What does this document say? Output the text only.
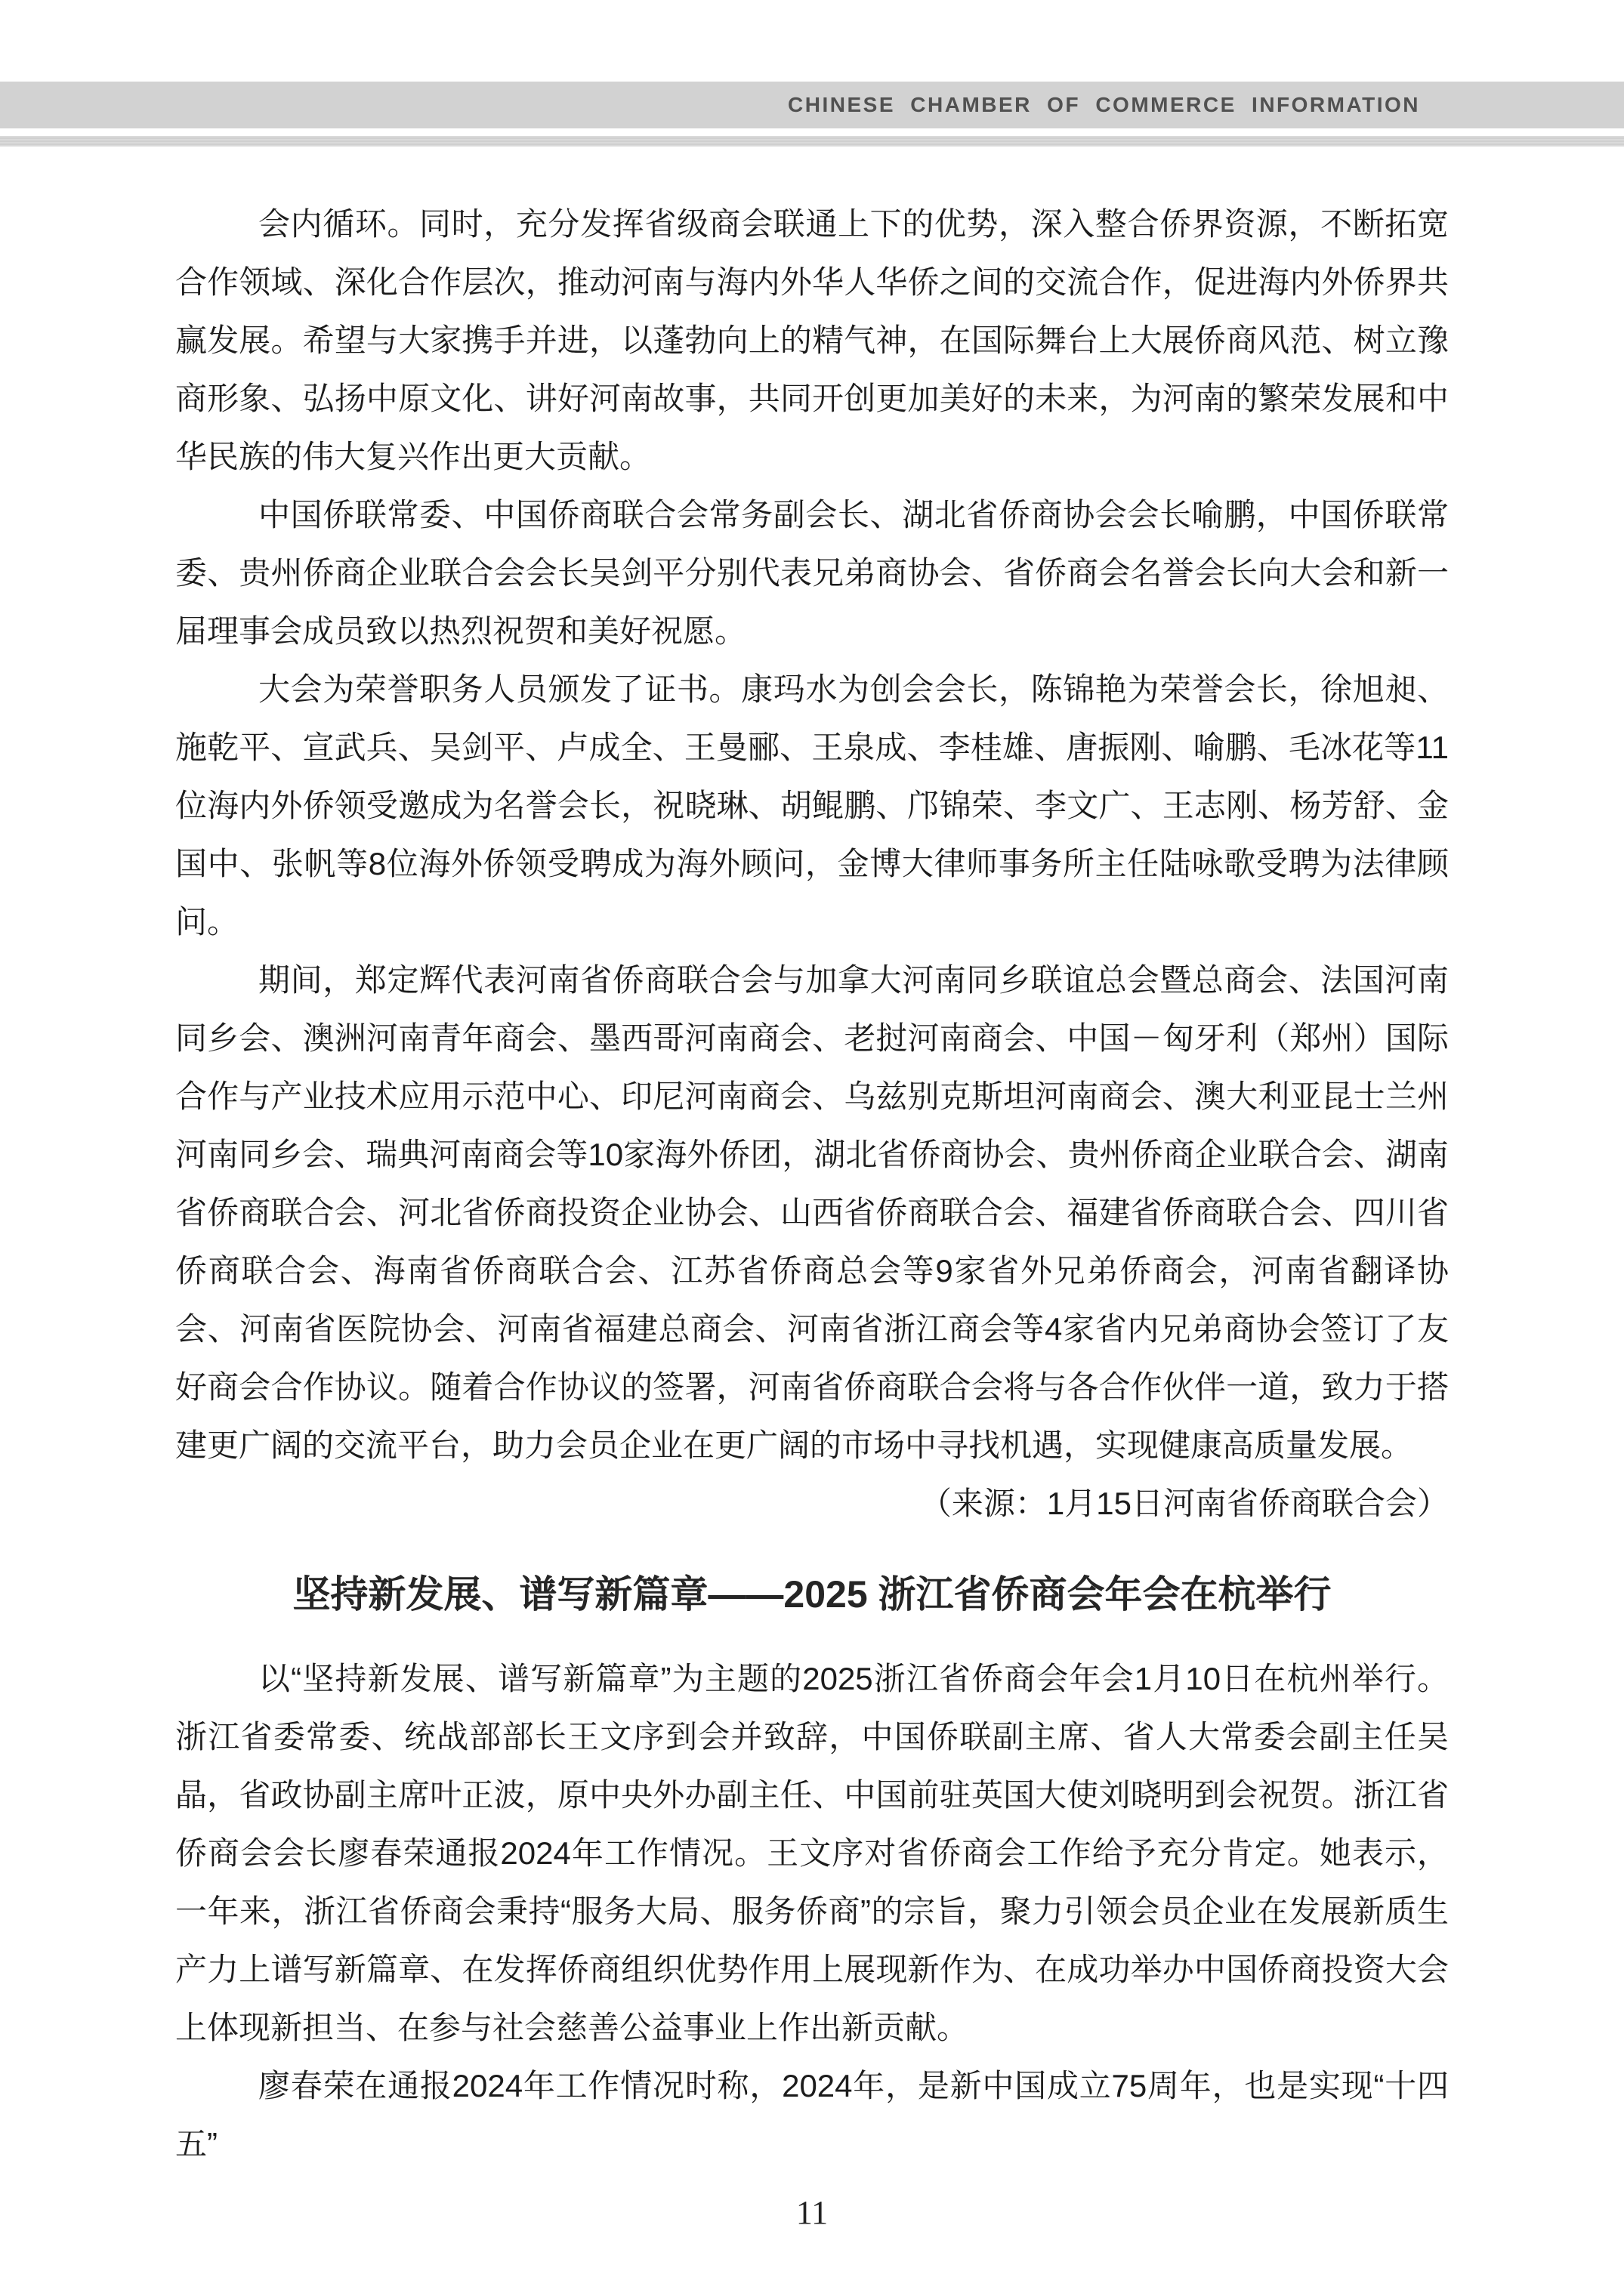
CHINESE CHAMBER OF COMMERCE INFORMATION

会内循环。同时，充分发挥省级商会联通上下的优势，深入整合侨界资源，不断拓宽合作领域、深化合作层次，推动河南与海内外华人华侨之间的交流合作，促进海内外侨界共赢发展。希望与大家携手并进，以蓬勃向上的精气神，在国际舞台上大展侨商风范、树立豫商形象、弘扬中原文化、讲好河南故事，共同开创更加美好的未来，为河南的繁荣发展和中华民族的伟大复兴作出更大贡献。

中国侨联常委、中国侨商联合会常务副会长、湖北省侨商协会会长喻鹏，中国侨联常委、贵州侨商企业联合会会长吴剑平分别代表兄弟商协会、省侨商会名誉会长向大会和新一届理事会成员致以热烈祝贺和美好祝愿。

大会为荣誉职务人员颁发了证书。康玛水为创会会长，陈锦艳为荣誉会长，徐旭昶、施乾平、宣武兵、吴剑平、卢成全、王曼郦、王泉成、李桂雄、唐振刚、喻鹏、毛冰花等11位海内外侨领受邀成为名誉会长，祝晓琳、胡鲲鹏、邝锦荣、李文广、王志刚、杨芳舒、金国中、张帆等8位海外侨领受聘成为海外顾问，金博大律师事务所主任陆咏歌受聘为法律顾问。

期间，郑定辉代表河南省侨商联合会与加拿大河南同乡联谊总会暨总商会、法国河南同乡会、澳洲河南青年商会、墨西哥河南商会、老挝河南商会、中国－匈牙利（郑州）国际合作与产业技术应用示范中心、印尼河南商会、乌兹别克斯坦河南商会、澳大利亚昆士兰州河南同乡会、瑞典河南商会等10家海外侨团，湖北省侨商协会、贵州侨商企业联合会、湖南省侨商联合会、河北省侨商投资企业协会、山西省侨商联合会、福建省侨商联合会、四川省侨商联合会、海南省侨商联合会、江苏省侨商总会等9家省外兄弟侨商会，河南省翻译协会、河南省医院协会、河南省福建总商会、河南省浙江商会等4家省内兄弟商协会签订了友好商会合作协议。随着合作协议的签署，河南省侨商联合会将与各合作伙伴一道，致力于搭建更广阔的交流平台，助力会员企业在更广阔的市场中寻找机遇，实现健康高质量发展。

（来源：1月15日河南省侨商联合会）

坚持新发展、谱写新篇章——2025 浙江省侨商会年会在杭举行

以“坚持新发展、谱写新篇章”为主题的2025浙江省侨商会年会1月10日在杭州举行。浙江省委常委、统战部部长王文序到会并致辞，中国侨联副主席、省人大常委会副主任吴晶，省政协副主席叶正波，原中央外办副主任、中国前驻英国大使刘晓明到会祝贺。浙江省侨商会会长廖春荣通报2024年工作情况。王文序对省侨商会工作给予充分肯定。她表示，一年来，浙江省侨商会秉持“服务大局、服务侨商”的宗旨，聚力引领会员企业在发展新质生产力上谱写新篇章、在发挥侨商组织优势作用上展现新作为、在成功举办中国侨商投资大会上体现新担当、在参与社会慈善公益事业上作出新贡献。

廖春荣在通报2024年工作情况时称，2024年，是新中国成立75周年，也是实现“十四五”

11
